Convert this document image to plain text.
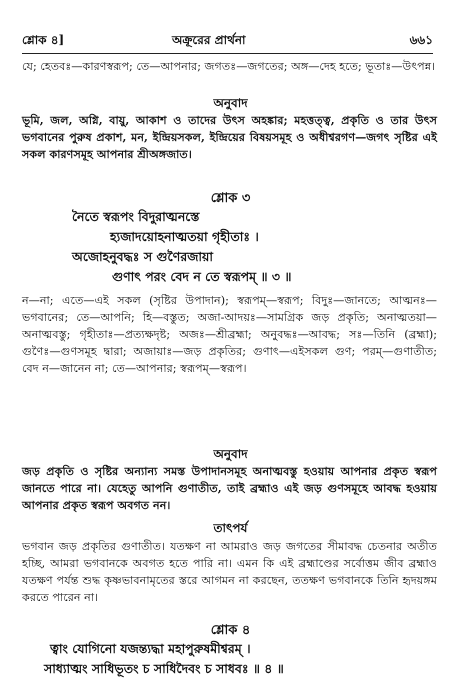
শ্লোক ৪]	অক্রূরের প্রার্থনা	৬৬১

যে; হেতবঃ—কারণস্বরূপ; তে—আপনার; জগতঃ—জগতের; অঙ্গ—দেহ হতে; ভূতাঃ—উৎপন্ন।

অনুবাদ

ভূমি, জল, অগ্নি, বায়ু, আকাশ ও তাদের উৎস অহঙ্কার; মহত্তত্ত্ব, প্রকৃতি ও তার উৎস ভগবানের পুরুষ প্রকাশ, মন, ইন্দ্রিয়সকল, ইন্দ্রিয়ের বিষয়সমূহ ও অধীশ্বরগণ—জগৎ সৃষ্টির এই সকল কারণসমূহ আপনার শ্রীঅঙ্গজাত।

শ্লোক ৩

নৈতে স্বরূপং বিদুরাত্মনস্তে

হ্যজাদয়োহনাত্মতয়া গৃহীতাঃ ।

অজোহনুবদ্ধঃ স গুণৈরজায়া

গুণাৎ পরং বেদ ন তে স্বরূপম্ ॥ ৩ ॥

ন—না; এতে—এই সকল (সৃষ্টির উপাদান); স্বরূপম্—স্বরূপ; বিদুঃ—জানতে; আত্মনঃ—ভগবানের; তে—আপনি; হি—বস্তুত; অজা-আদয়ঃ—সামগ্রিক জড় প্রকৃতি; অনাত্মতয়া—অনাত্মবস্তু; গৃহীতাঃ—প্রত্যক্ষদৃষ্ট; অজঃ—শ্রীব্রহ্মা; অনুবদ্ধঃ—আবদ্ধ; সঃ—তিনি (ব্রহ্মা); গুণৈঃ—গুণসমূহ দ্বারা; অজায়াঃ—জড় প্রকৃতির; গুণাৎ—এইসকল গুণ; পরম্—গুণাতীত; বেদ ন—জানেন না; তে—আপনার; স্বরূপম্—স্বরূপ।

অনুবাদ

জড় প্রকৃতি ও সৃষ্টির অন্যান্য সমস্ত উপাদানসমূহ অনাত্মবস্তু হওয়ায় আপনার প্রকৃত স্বরূপ জানতে পারে না। যেহেতু আপনি গুণাতীত, তাই ব্রহ্মাও এই জড় গুণসমূহে আবদ্ধ হওয়ায় আপনার প্রকৃত স্বরূপ অবগত নন।

তাৎপর্য

ভগবান জড় প্রকৃতির গুণাতীত। যতক্ষণ না আমরাও জড় জগতের সীমাবদ্ধ চেতনার অতীত হচ্ছি, আমরা ভগবানকে অবগত হতে পারি না। এমন কি এই ব্রহ্মাণ্ডের সর্বোত্তম জীব ব্রহ্মাও যতক্ষণ পর্যন্ত শুদ্ধ কৃষ্ণভাবনামৃতের স্তরে আগমন না করছেন, ততক্ষণ ভগবানকে তিনি হৃদয়ঙ্গম করতে পারেন না।

শ্লোক ৪

ত্বাং যোগিনো যজন্ত্যদ্ধা মহাপুরুষমীশ্বরম্ ।

সাধ্যাত্মং সাধিভূতং চ সাধিদৈবং চ সাধবঃ ॥ ৪ ॥
